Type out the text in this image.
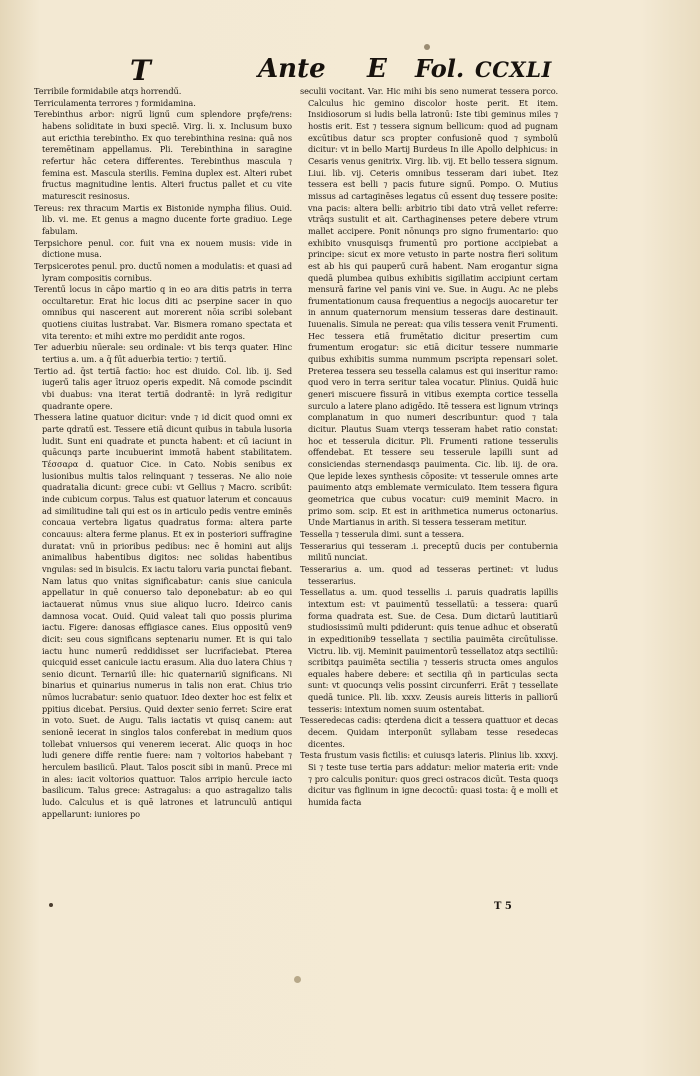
T	Ante E Fol. CCXLI

Terribile formidabile atqз horrendű.

Terriculamenta terrores ⁊ formidamina.

Terebinthus arbor: nigrű lignű cum splendore pręfe/rens: habens solidit​ate in buxi speciē. Virg. li. x. Inclusum buxo aut ericthia terebintho. Ex quo terebinthina resina: quā nos teremētinam appellamus. Pli. Terebinthina in saragine refertur hāc cetera differentes. Terebinthus mascula ⁊ femina est. Mascula sterilis. Femina duplex est. Alteri rubet fructus magnitudine lentis. Alteri fructus pallet et cu vite maturescit resinosus.

Tereus: rex thracum Martis ex Bistonide nympha filius. Ouid. lib. vi. me. Et genus a magno ducente forte gradiuo. Lege fabulam.

Terpsichore penul. cor. fuit vna ex nouem musis: vide in dictione musa.

Terpsicerotes penul. pro. ductű nomen a modulatis: et quasi ad lyram compositis cornibus.

Terentű locus in cāpo martio q in eo ara ditis patris in terra occultaretur. Erat hic locus diti ac pserpine sacer in quo omnibus qui nascerent aut morerent nōia scribi solebant quotiens ciuitas lustrabat. Var. Bismera romano spectata et vita terento: et mihi extre mo perdidit ante rogos.

Ter aduerbiu nūerale: seu ordinale: vt bis terqз quater. Hinc tertius a. um. a q̄ fűt aduerbia tertio: ⁊ tertiű.

Tertio ad. q̄st tertiā factio: hoc est diuido. Col. lib. ij. Sed iugerű talis ager ītruoz operis expedit. Nā comode pscindit vbi duabus: vna iterat tertiā dodrantē: in lyrā redigitur quadrante opere.

Thessera latine quatuor dicitur: vnde ⁊ id dicit quod omni ex parte qdratű est. Tessere etiā dicunt quibus in tabula lusoria ludit. Sunt eni quadrate et puncta habent: et cű iaciunt in quācunqз parte incubuerint immotā habent stabilitatem. Τέσσαρα d. quatuor Cice. in Cato. Nobis senibus ex lusionibus multis talos relinquant ⁊ tesseras. Ne alio noie quadratalia dicunt: grece cubi: vt Gellius ⁊ Macro. scribűt: inde cubicum corpus. Talus est quatuor laterum et concauus ad similitudine tali qui est os in articulo pedis ventre eminēs concaua vertebra ligatus quadratus forma: altera parte concauus: altera ferme planus. Et ex in posteriori suffragine duratat: vnū in prioribus pedibus: nec ē homini aut alijs animalibus habentibus digitos: nec solidas habentibus vngulas: sed in bisulcis. Ex iactu taloru varia punctai fiebant. Nam latus quo vnitas significabatur: canis siue canicula appellatur in quē conuerso talo deponebatur: ab eo qui iactauerat nūmus vnus siue aliquo lucro. Ideirco canis damnosa vocat. Ouid. Quid valeat tali quo possis plurima iactu. Figere: danosas effigiasce canes. Eius oppositű ven9 dicit: seu cous significans septenariu numer. Et is qui talo iactu hunc numerű reddidisset ser lucrifaciebat. Pterea quicquid esset canicule iactu erasum. Alia duo latera Chius ⁊ senio dicunt. Ternariű ille: hic quaternariű significans. Ni binarius et quinarius numerus in talis non erat. Chius trio nūmos lucrabatur: senio quatuor. Ideo dexter hoc est felix et ppitius dicebat. Persius. Quid dexter senio ferret: Scire erat in voto. Suet. de Augu. Talis iactatis vt quisq canem: aut senionē iecerat in singlos talos conferebat in medium quos tollebat vniuersos qui venerem iecerat. Alic quoqз in hoc ludi genere diffe rentie fuere: nam ⁊ voltorios habebant ⁊ herculem basilicū. Plaut. Talos poscit sibi in manū. Prece mi in ales: iacit voltorios quattuor. Talos arripio hercule iacto basilicum. Talus grece: Astragalus: a quo astragalizo talis ludo. Calculus et is quē latrones et latrunculū antiqui appellarunt: iuniores po

seculii vocitant. Var. Hic mihi bis seno numerat tessera porco. Calculus hic gemino discolor hoste perit. Et item. Insidiosorum si ludis bella latronū: Iste tibi geminus miles ⁊ hostis erit. Est ⁊ tessera signum bellicum: quod ad pugnam excūtibus datur scз propter confusionē quod ⁊ symbolū dicitur: vt in bello Martij Burdeus In ille Apollo delphicus: in Cesaris venus genitrix. Virg. lib. vij. Et bello tessera signum. Liui. lib. vij. Ceteris omnibus tesseram dari iubet. Itez tessera est belli ⁊ pacis future signű. Pompo. O. Mutius missus ad cartaginēses legatus cű essent duę tessere posite: vna pacis: altera belli: arbitrio tibi dato vtrā vellet referre: vtrāqз sustulit et ait. Carthaginenses petere debere vtrum mallet accipere. Ponit nōnunqз pro signo frumentario: quo exhibito vnusquisqз frumentű pro portione accipiebat a principe: sicut ex more vetusto in parte nostra fieri solitum est ab his qui pauperű curā habent. Nam erogantur signa quedā plumbea quibus exhibitis sigillatim accipiunt certam mensurā farine vel panis vini ve. Sue. in Augu. Ac ne plebs frumentationum causa frequentius a negocijs auocaretur ter in annum quaternorum mensium tesseras dare destinauit. Iuuenalis. Simula ne pereat: qua vilis tessera venit Frumenti. Hec tessera etiā frumētatio dicitur presertim cum frumentum erogatur: sic etiā dicitur tessere nummarie quibus exhibitis summa nummum pscripta repensari solet. Preterea tessera seu tessella calamus est qui inseritur ramo: quod vero in terra seritur talea vocatur. Plinius. Quidā huic generi miscuere fissurā in vitibus exempta cortice tessella surculo a latere plano adigēdo. Itē tessera est lignum vtrinqз complanatum in quo numeri describuntur: quod ⁊ tala dicitur. Plautus Suam vterqз tesseram habet ratio constat: hoc et tesserula dicitur. Pli. Frumenti ratione tesserulis offendebat. Et tessere seu tesserule lapilli sunt ad consiciendas sternendasqз pauimenta. Cic. lib. iij. de ora. Que lepide lexes synthesis cōposite: vt tesserule omnes arte pauimento atqз emblemate vermiculato. Item tessera figura geometrica que cubus vocatur: cui9 meminit Macro. in primo som. scip. Et est in arithmetica numerus octonarius. Unde Martianus in arith. Si tessera tesseram metitur.

Tessella ⁊ tesserula dimi. sunt a tessera.

Tesserarius qui tesseram .i. preceptū ducis per contubernia militű nunciat.

Tesserarius a. um. quod ad tesseras pertinet: vt ludus tesserarius.

Tessellatus a. um. quod tessellis .i. paruis quadratis lapillis intextum est: vt pauimentū tessellatū: a tessera: quarű forma quadrata est. Sue. de Cesa. Dum dictarū lautitiarū studiosissimū multi pdiderunt: quis tenue adhuc et obseratū in expeditionib9 tessellata ⁊ sectilia pauimēta circūtulisse. Victru. lib. vij. Meminit pauimentorū tessellatoz atqз sectiliū: scribitqз pauimēta sectilia ⁊ tesseris structa omes angulos equales habere debere: et sectilia qñ in particulas secta sunt: vt quocunqз velis possint circunferri. Erāt ⁊ tessellate quedā tunice. Pli. lib. xxxv. Zeusis aureis litteris in palliorű tesseris: intextum nomen suum ostentabat.

Tesseredecas cadis: qterdena dicit a tessera quattuor et decas decem. Quidam interponūt syllabam tesse resedecas dicentes.

Testa frustum vasis fictilis: et cuiusqз lateris. Plinius lib. xxxvj. Si ⁊ teste tuse tertia pars addatur: melior materia erit: vnde ⁊ pro calculis ponitur: quos greci ostracos dicūt. Testa quoqз dicitur vas figlinum in igne decoctū: quasi tosta: q̄ e molli et humida facta

T 5
